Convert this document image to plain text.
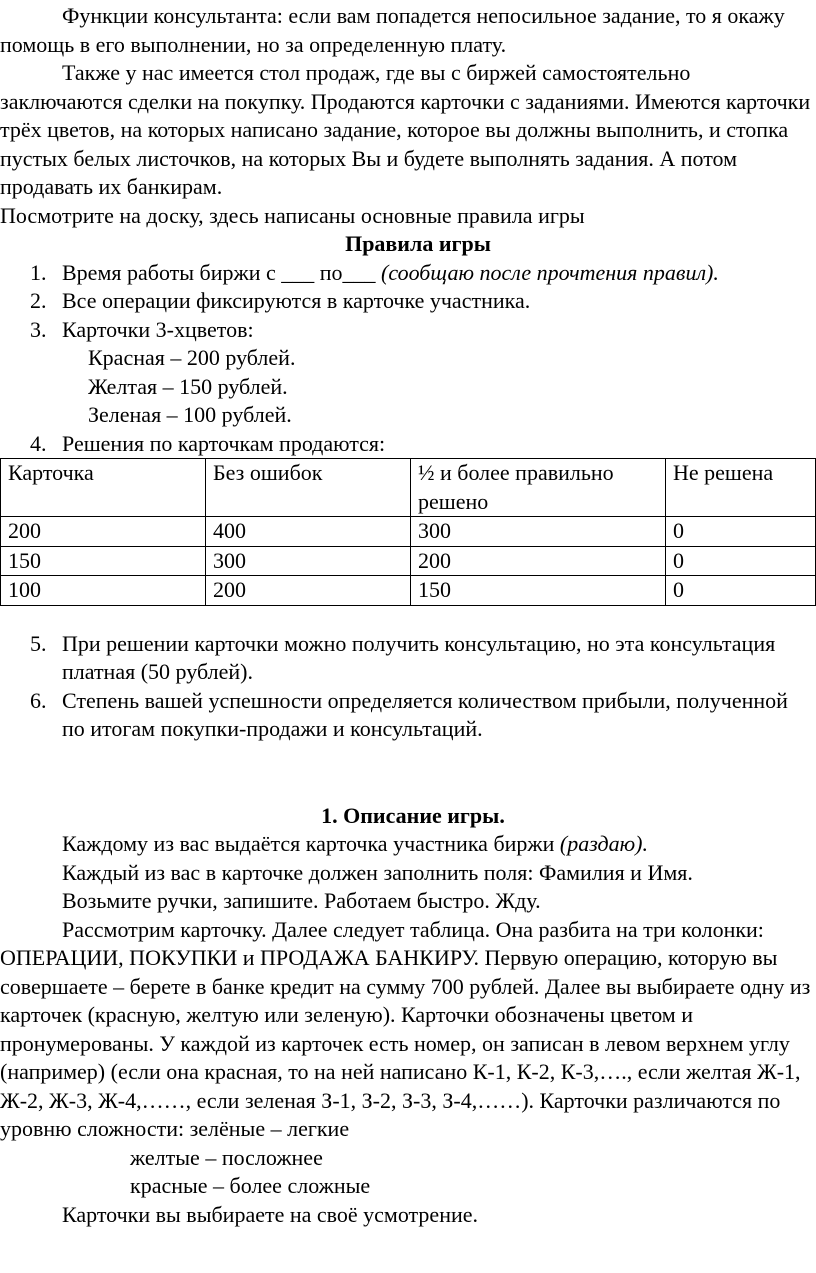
Функции консультанта: если вам попадется непосильное задание, то я окажу помощь в его выполнении, но за определенную плату.

Также у нас имеется стол продаж, где вы с биржей самостоятельно заключаются сделки на покупку. Продаются карточки с заданиями. Имеются карточки трёх цветов, на которых написано задание, которое вы должны выполнить, и стопка пустых белых листочков, на которых Вы и будете выполнять задания. А потом продавать их банкирам.

Посмотрите на доску, здесь написаны основные правила игры

Правила игры

1. Время работы биржи с ___ по___ (сообщаю после прочтения правил).
2. Все операции фиксируются в карточке участника.
3. Карточки 3-хцветов:

Красная – 200 рублей.

Желтая – 150 рублей.

Зеленая – 100 рублей.

4. Решения по карточкам продаются:
Карточка	Без ошибок	½ и более правильно решено	Не решена
200	400	300	0
150	300	200	0
100	200	150	0
5. При решении карточки можно получить консультацию, но эта консультация платная (50 рублей).
6. Степень вашей успешности определяется количеством прибыли, полученной по итогам покупки-продажи и консультаций.

1. Описание игры.

Каждому из вас выдаётся карточка участника биржи (раздаю).

Каждый из вас в карточке должен заполнить поля: Фамилия и Имя.

Возьмите ручки, запишите. Работаем быстро. Жду.

Рассмотрим карточку. Далее следует таблица. Она разбита на три колонки: ОПЕРАЦИИ, ПОКУПКИ и ПРОДАЖА БАНКИРУ. Первую операцию, которую вы совершаете – берете в банке кредит на сумму 700 рублей. Далее вы выбираете одну из карточек (красную, желтую или зеленую). Карточки обозначены цветом и пронумерованы. У каждой из карточек есть номер, он записан в левом верхнем углу (например) (если она красная, то на ней написано К-1, К-2, К-3,…., если желтая Ж-1, Ж-2, Ж-3, Ж-4,……, если зеленая З-1, З-2, З-3, З-4,……). Карточки различаются по уровню сложности: зелёные – легкие

желтые – посложнее

красные – более сложные

Карточки вы выбираете на своё усмотрение.
